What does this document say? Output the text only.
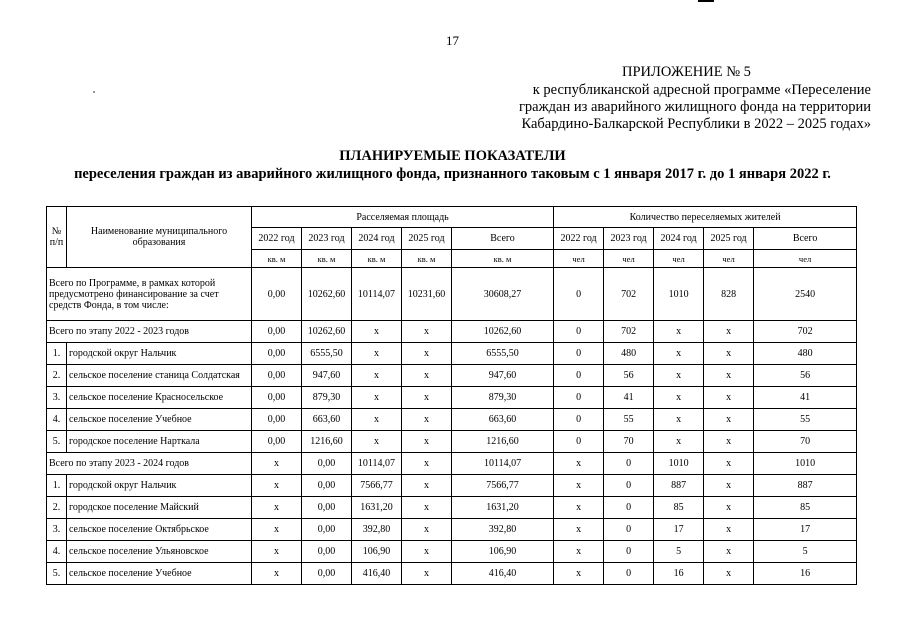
17
ПРИЛОЖЕНИЕ № 5
к республиканской адресной программе «Переселение
граждан из аварийного жилищного фонда на территории
Кабардино-Балкарской Республики в 2022 – 2025 годах»
ПЛАНИРУЕМЫЕ ПОКАЗАТЕЛИ
переселения граждан из аварийного жилищного фонда, признанного таковым с 1 января 2017 г. до 1 января 2022 г.
№ п/п	Наименование муниципального образования	Расселяемая площадь					Количество переселяемых жителей				
		2022 год	2023 год	2024 год	2025 год	Всего	2022 год	2023 год	2024 год	2025 год	Всего
		кв. м	кв. м	кв. м	кв. м	кв. м	чел	чел	чел	чел	чел
Всего по Программе, в рамках которой предусмотрено финансирование за счет средств Фонда, в том числе:		0,00	10262,60	10114,07	10231,60	30608,27	0	702	1010	828	2540
Всего по этапу 2022 - 2023 годов		0,00	10262,60	х	х	10262,60	0	702	х	х	702
1.	городской округ Нальчик	0,00	6555,50	х	х	6555,50	0	480	х	х	480
2.	сельское поселение станица Солдатская	0,00	947,60	х	х	947,60	0	56	х	х	56
3.	сельское поселение Красносельское	0,00	879,30	х	х	879,30	0	41	х	х	41
4.	сельское поселение Учебное	0,00	663,60	х	х	663,60	0	55	х	х	55
5.	городское поселение Нарткала	0,00	1216,60	х	х	1216,60	0	70	х	х	70
Всего по этапу 2023 - 2024 годов		х	0,00	10114,07	х	10114,07	х	0	1010	х	1010
1.	городской округ Нальчик	х	0,00	7566,77	х	7566,77	х	0	887	х	887
2.	городское поселение Майский	х	0,00	1631,20	х	1631,20	х	0	85	х	85
3.	сельское поселение Октябрьское	х	0,00	392,80	х	392,80	х	0	17	х	17
4.	сельское поселение Ульяновское	х	0,00	106,90	х	106,90	х	0	5	х	5
5.	сельское поселение Учебное	х	0,00	416,40	х	416,40	х	0	16	х	16
